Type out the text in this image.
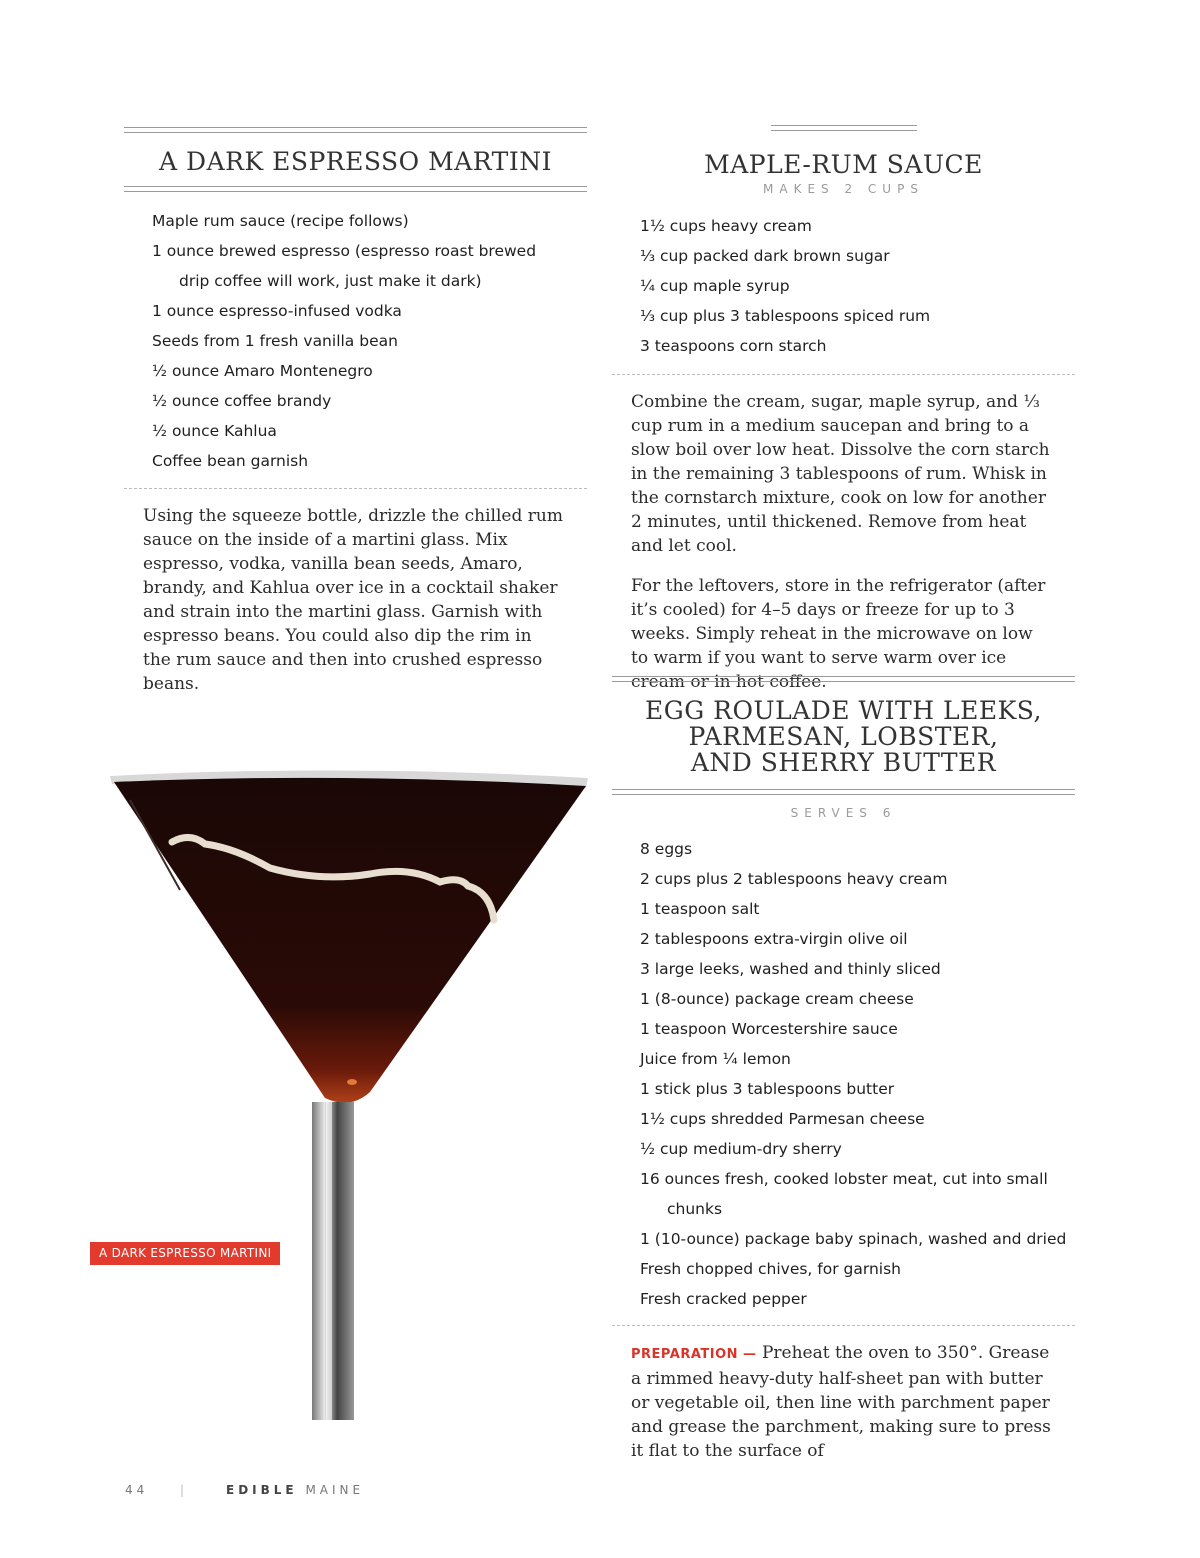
A DARK ESPRESSO MARTINI
Maple rum sauce (recipe follows)
1 ounce brewed espresso (espresso roast brewed
drip coffee will work, just make it dark)
1 ounce espresso-infused vodka
Seeds from 1 fresh vanilla bean
½ ounce Amaro Montenegro
½ ounce coffee brandy
½ ounce Kahlua
Coffee bean garnish

Using the squeeze bottle, drizzle the chilled rum sauce on the inside of a martini glass. Mix espresso, vodka, vanilla bean seeds, Amaro, brandy, and Kahlua over ice in a cocktail shaker and strain into the martini glass. Garnish with espresso beans. You could also dip the rim in the rum sauce and then into crushed espresso beans.

A DARK ESPRESSO MARTINI
MAPLE-RUM SAUCE
MAKES 2 CUPS
1½ cups heavy cream
⅓ cup packed dark brown sugar
¼ cup maple syrup
⅓ cup plus 3 tablespoons spiced rum
3 teaspoons corn starch

Combine the cream, sugar, maple syrup, and ⅓ cup rum in a medium saucepan and bring to a slow boil over low heat. Dissolve the corn starch in the remaining 3 tablespoons of rum. Whisk in the cornstarch mixture, cook on low for another 2 minutes, until thickened. Remove from heat and let cool.

For the leftovers, store in the refrigerator (after it’s cooled) for 4–5 days or freeze for up to 3 weeks. Simply reheat in the microwave on low to warm if you want to serve warm over ice cream or in hot coffee.

EGG ROULADE WITH LEEKS,
PARMESAN, LOBSTER,
AND SHERRY BUTTER
SERVES 6
8 eggs
2 cups plus 2 tablespoons heavy cream
1 teaspoon salt
2 tablespoons extra-virgin olive oil
3 large leeks, washed and thinly sliced
1 (8-ounce) package cream cheese
1 teaspoon Worcestershire sauce
Juice from ¼ lemon
1 stick plus 3 tablespoons butter
1½ cups shredded Parmesan cheese
½ cup medium-dry sherry
16 ounces fresh, cooked lobster meat, cut into small
chunks
1 (10-ounce) package baby spinach, washed and dried
Fresh chopped chives, for garnish
Fresh cracked pepper

PREPARATION — Preheat the oven to 350°. Grease a rimmed heavy-duty half-sheet pan with butter or vegetable oil, then line with parchment paper and grease the parchment, making sure to press it flat to the surface of

44	|	EDIBLE MAINE
